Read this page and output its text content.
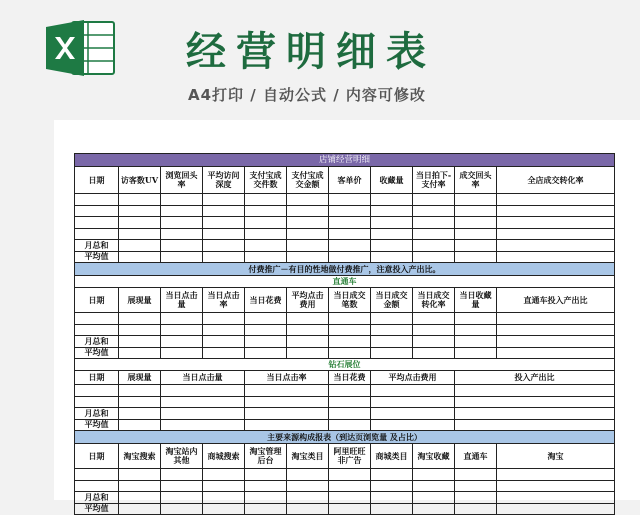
经营明细表
A4打印 / 自动公式 / 内容可修改
店铺经营明细										
日期	访客数UV	浏览回头率	平均访问深度	支付宝成交件数	支付宝成交金额	客单价	收藏量	当日拍下-支付率	成交回头率	全店成交转化率

月总和										
平均值										
付费推广－有目的性地做付费推广，注意投入产出比。										
直通车										
日期	展现量	当日点击量	当日点击率	当日花费	平均点击费用	当日成交笔数	当日成交金额	当日成交转化率	当日收藏量	直通车投入产出比

月总和										
平均值										
钻石展位										
日期	展现量	当日点击量		当日点击率		当日花费	平均点击费用		投入产出比	

月总和										
平均值										
主要来源构成报表（到达页浏览量 及占比）										
日期	淘宝搜索	淘宝站内其他	商城搜索	淘宝管理后台	淘宝类目	阿里旺旺非广告	商城类目	淘宝收藏	直通车	淘宝

月总和										
平均值										
